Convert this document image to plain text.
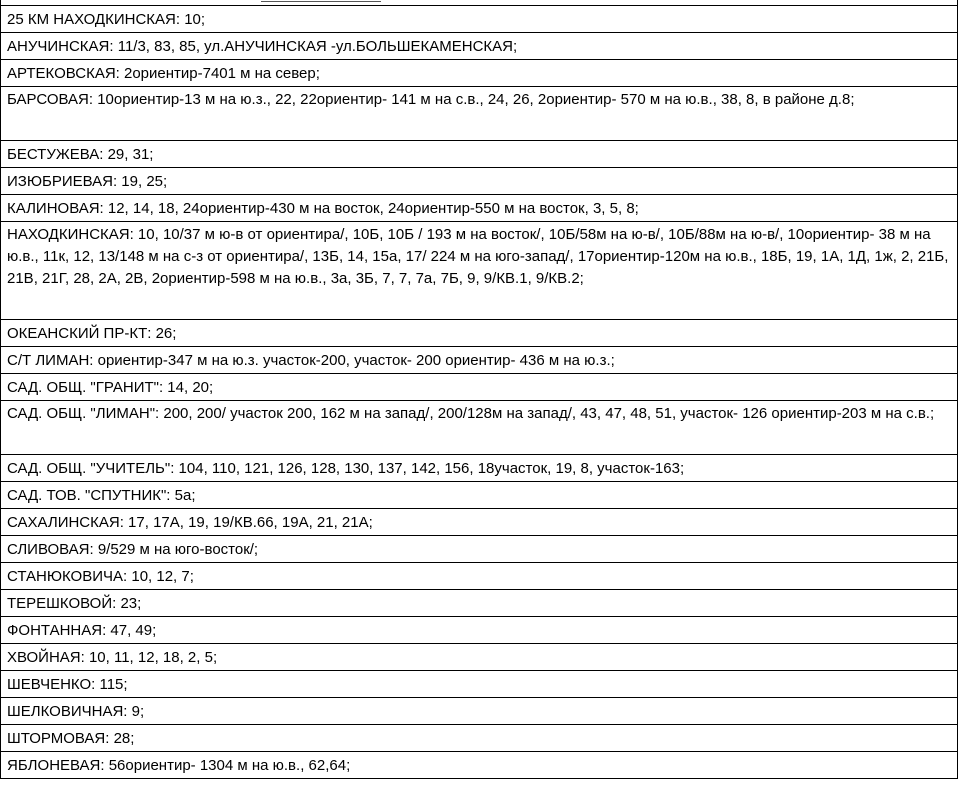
25 КМ НАХОДКИНСКАЯ: 10;
АНУЧИНСКАЯ: 11/3, 83, 85, ул.АНУЧИНСКАЯ -ул.БОЛЬШЕКАМЕНСКАЯ;
АРТЕКОВСКАЯ: 2ориентир-7401 м на север;
БАРСОВАЯ: 10ориентир-13 м на ю.з., 22, 22ориентир- 141 м на с.в., 24, 26, 2ориентир- 570 м на ю.в., 38, 8, в районе д.8;
БЕСТУЖЕВА: 29, 31;
ИЗЮБРИЕВАЯ: 19, 25;
КАЛИНОВАЯ: 12, 14, 18, 24ориентир-430 м на восток, 24ориентир-550 м на восток, 3, 5, 8;
НАХОДКИНСКАЯ: 10, 10/37 м ю-в от ориентира/, 10Б, 10Б / 193 м на восток/, 10Б/58м на ю-в/, 10Б/88м на ю-в/, 10ориентир- 38 м на ю.в., 11к, 12, 13/148 м на с-з от ориентира/, 13Б, 14, 15а, 17/ 224 м на юго-запад/, 17ориентир-120м на ю.в., 18Б, 19, 1А, 1Д, 1ж, 2, 21Б, 21В, 21Г, 28, 2А, 2В, 2ориентир-598 м на ю.в., 3а, 3Б, 7, 7, 7а, 7Б, 9, 9/КВ.1, 9/КВ.2;
ОКЕАНСКИЙ ПР-КТ: 26;
С/Т ЛИМАН: ориентир-347 м на ю.з. участок-200, участок- 200 ориентир- 436 м на ю.з.;
САД. ОБЩ. "ГРАНИТ": 14, 20;
САД. ОБЩ. "ЛИМАН": 200, 200/ участок 200, 162 м на запад/, 200/128м на запад/, 43, 47, 48, 51, участок- 126 ориентир-203 м на с.в.;
САД. ОБЩ. "УЧИТЕЛЬ": 104, 110, 121, 126, 128, 130, 137, 142, 156, 18участок, 19, 8, участок-163;
САД. ТОВ. "СПУТНИК": 5а;
САХАЛИНСКАЯ: 17, 17А, 19, 19/КВ.66, 19А, 21, 21А;
СЛИВОВАЯ: 9/529 м на юго-восток/;
СТАНЮКОВИЧА: 10, 12, 7;
ТЕРЕШКОВОЙ: 23;
ФОНТАННАЯ: 47, 49;
ХВОЙНАЯ: 10, 11, 12, 18, 2, 5;
ШЕВЧЕНКО: 115;
ШЕЛКОВИЧНАЯ: 9;
ШТОРМОВАЯ: 28;
ЯБЛОНЕВАЯ: 56ориентир- 1304 м на ю.в., 62,64;
